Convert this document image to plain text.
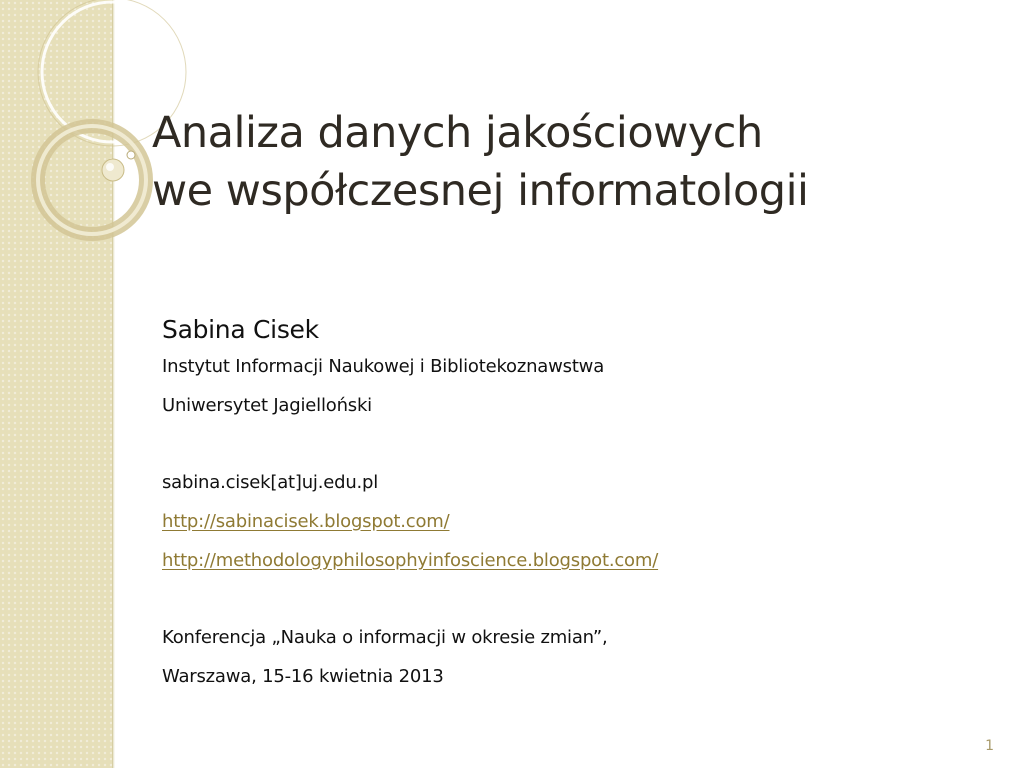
Analiza danych jakościowych
we współczesnej informatologii
Sabina Cisek
Instytut Informacji Naukowej i Bibliotekoznawstwa
Uniwersytet Jagielloński
sabina.cisek[at]uj.edu.pl
http://sabinacisek.blogspot.com/
http://methodologyphilosophyinfoscience.blogspot.com/
Konferencja „Nauka o informacji w okresie zmian”,
Warszawa, 15-16 kwietnia 2013
1
